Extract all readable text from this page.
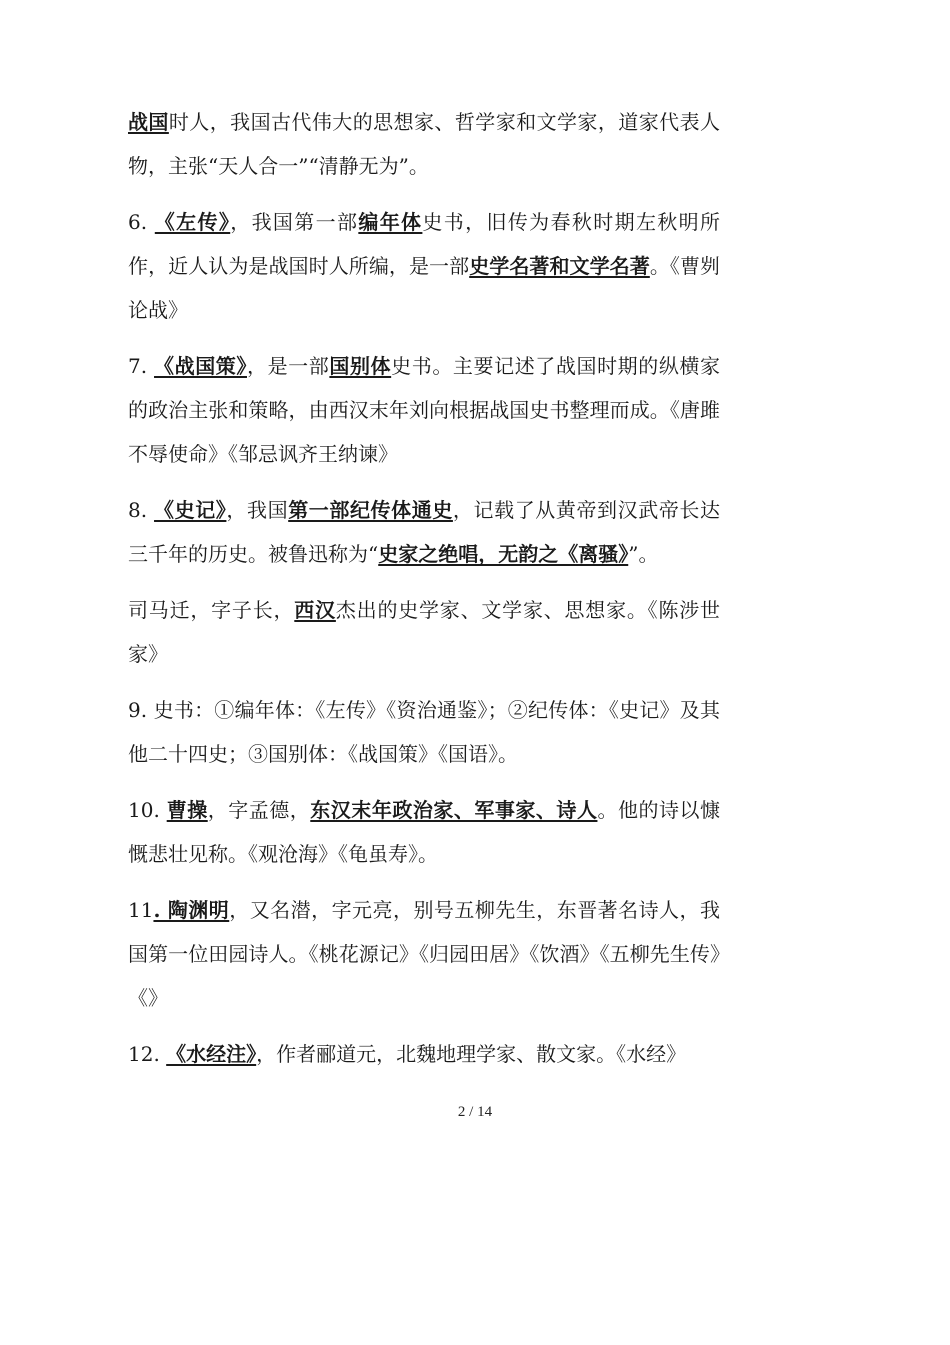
战国时人，我国古代伟大的思想家、哲学家和文学家，道家代表人物，主张“天人合一”“清静无为”。

6. 《左传》，我国第一部编年体史书，旧传为春秋时期左秋明所作，近人认为是战国时人所编，是一部史学名著和文学名著。《曹刿论战》

7. 《战国策》，是一部国别体史书。主要记述了战国时期的纵横家的政治主张和策略，由西汉末年刘向根据战国史书整理而成。《唐雎不辱使命》《邹忌讽齐王纳谏》

8. 《史记》，我国第一部纪传体通史，记载了从黄帝到汉武帝长达三千年的历史。被鲁迅称为“史家之绝唱，无韵之《离骚》”。

司马迁，字子长，西汉杰出的史学家、文学家、思想家。《陈涉世家》

9. 史书：①编年体：《左传》《资治通鉴》；②纪传体：《史记》及其他二十四史；③国别体：《战国策》《国语》。

10. 曹操，字孟德，东汉末年政治家、军事家、诗人。他的诗以慷慨悲壮见称。《观沧海》《龟虽寿》。

11. 陶渊明，又名潜，字元亮，别号五柳先生，东晋著名诗人，我国第一位田园诗人。《桃花源记》《归园田居》《饮酒》《五柳先生传》《》

12. 《水经注》，作者郦道元，北魏地理学家、散文家。《水经》

2 / 14
